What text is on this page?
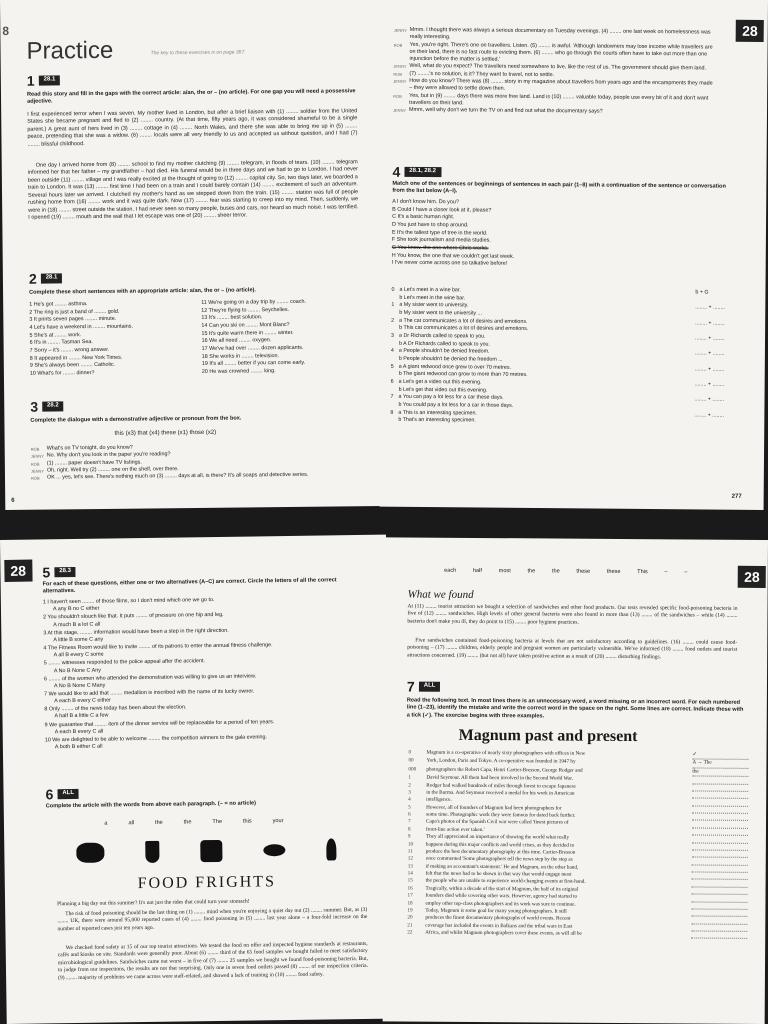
8
Practice	The key to these exercises is on page 367.
1	28.1
Read this story and fill in the gaps with the correct article: a/an, the or – (no article). For one gap you will need a possessive adjective.
I first experienced terror when I was seven. My mother lived in London, but after a brief liaison with (1) ........ soldier from the United States she became pregnant and fled to (2) ........ country. (At that time, fifty years ago, it was considered shameful to be a single parent.) A great aunt of hers lived in (3) ........ cottage in (4) ........ North Wales, and there she was able to bring me up in (5) ........ peace, pretending that she was a widow. (6) ........ locals were all very friendly to us and accepted us without question, and I had (7) ........ blissful childhood.
One day I arrived home from (8) ........ school to find my mother clutching (9) ........ telegram, in floods of tears. (10) ........ telegram informed her that her father – my grandfather – had died. His funeral would be in three days and we had to go to London. I had never been outside (11) ........ village and I was really excited at the thought of going to (12) ........ capital city. So, two days later, we boarded a train to London. It was (13) ........ first time I had been on a train and I could barely contain (14) ........ excitement of such an adventure. Several hours later we arrived. I clutched my mother's hand as we stepped down from the train. (15) ........ station was full of people rushing home from (16) ........ work and it was quite dark. Now (17) ........ fear was starting to creep into my mind. Then, suddenly, we were in (18) ........ street outside the station. I had never seen so many people, buses and cars, nor heard so much noise. I was terrified. I opened (19) ........ mouth and the wail that I let escape was one of (20) ........ sheer terror.
2	28.1
Complete these short sentences with an appropriate article: a/an, the or – (no article).
1 He's got ........ asthma.
2 The ring is just a band of ........ gold.
3 It prints seven pages ........ minute.
4 Let's have a weekend in ........ mountains.
5 She's at ........ work.
6 It's in ........ Tasman Sea.
7 Sorry – it's ........ wrong answer.
8 It appeared in ........ New York Times.
9 She's always been ........ Catholic.
10 What's for ........ dinner?
11 We're going on a day trip by ........ coach.
12 They're flying to ........ Seychelles.
13 It's ........ best solution.
14 Can you ski on ........ Mont Blanc?
15 It's quite warm there in ........ winter.
16 We all need ........ oxygen.
17 We've had over ........ dozen applicants.
18 She works in ........ television.
19 It's all ........ better if you can come early.
20 He was crowned ........ king.
3	28.2
Complete the dialogue with a demonstrative adjective or pronoun from the box.
this (x3) that (x4) these (x1) those (x2)
ROB	What's on TV tonight, do you know?
JENNY No. Why don't you look in the paper you're reading?
ROB	(1) ........ paper doesn't have TV listings.
JENNY Oh, right. Well try (2) ........ one on the shelf, over there.
ROB	OK ... yes, let's see. There's nothing much on (3) ........ days at all, is there? It's all soaps and detective series.
6
28
JENNY Mmm. I thought there was always a serious documentary on Tuesday evenings. (4) ........ one last week on homelessness was really interesting.
ROB	Yes, you're right. There's one on travellers. Listen. (5) ........ is awful. 'Although landowners may lose income while travellers are on their land, there is no fast route to evicting them. (6) ........ who go through the courts often have to take out more than one injunction before the matter is settled.'
JENNY Well, what do you expect? The travellers need somewhere to live, like the rest of us. The government should give them land.
ROB	(7) ........'s no solution, is it? They want to travel, not to settle.
JENNY How do you know? There was (8) ........ story in my magazine about travellers from years ago and the encampments they made – they were allowed to settle down then.
ROB	Yes, but in (9) ........ days there was more free land. Land is (10) ........ valuable today, people use every bit of it and don't want travellers on their land.
JENNY Mmm, well why don't we turn the TV on and find out what the documentary says?
4	28.1, 28.2
Match one of the sentences or beginnings of sentences in each pair (1–8) with a continuation of the sentence or conversation from the list below (A–I).
A I don't know him. Do you?
B Could I have a closer look at it, please?
C It's a basic human right.
D You just have to shop around.
E It's the tallest type of tree in the world.
F She took journalism and media studies.
G You know, the one where Chris works.
H You know, the one that we couldn't get last week.
I I've never come across one so talkative before!
0 a Let's meet in a wine bar.	b + G
b Let's meet in the wine bar.
1 a My sister went to university.	........ + ........
b My sister went to the university ...
2 a The cat communicates a lot of desires and emotions.	........ + ........
b This cat communicates a lot of desires and emotions.
3 a Dr Richards called to speak to you.	........ + ........
b A Dr Richards called to speak to you.
4 a People shouldn't be denied freedom.	........ + ........
b People shouldn't be denied the freedom ...
5 a A giant redwood once grew to over 70 metres.	........ + ........
b The giant redwood can grow to more than 70 metres.
6 a Let's get a video out this evening.	........ + ........
b Let's get that video out this evening.
7 a You can pay a lot less for a car these days.	........ + ........
b You could pay a lot less for a car in those days.
8 a This is an interesting specimen.	........ + ........
b That's an interesting specimen.
277
28	5	28.3
For each of these questions, either one or two alternatives (A–C) are correct. Circle the letters of all the correct alternatives.
1 I haven't seen ........ of those films, so I don't mind which one we go to.
A any B no C either
2 You shouldn't slouch like that. It puts ........ of pressure on one hip and leg.
A much B a lot C all
3 At this stage, ........ information would have been a step in the right direction.
A little B some C any
4 The Fitness Room would like to invite ........ of its patrons to enter the annual fitness challenge.
A all B every C some
5 ........ witnesses responded to the police appeal after the accident.
A No B None C Any
6 ........ of the women who attended the demonstration was willing to give us an interview.
A No B None C Many
7 We would like to add that ........ medallion is inscribed with the name of its lucky owner.
A each B every C either
8 Only ........ of the news today has been about the election.
A half B a little C a few
9 We guarantee that ........ item of the dinner service will be replaceable for a period of ten years.
A each B every C all
10 We are delighted to be able to welcome ........ the competition winners to the gala evening.
A both B either C all
6	ALL
Complete the article with the words from above each paragraph. (– = no article)
a	all	the	the	The	this	your
FOOD FRIGHTS
Planning a big day out this summer? It's not just the rides that could turn your stomach!
The risk of food poisoning should be the last thing on (1) ........ mind when you're enjoying a quiet day out (2) ........ summer. But, as (3) ........ UK, there were around 95,000 reported cases of (4) ........ food poisoning in (5) ........ last year alone – a four-fold increase on the number of reported cases just ten years ago.
We checked food safety at 15 of our top tourist attractions. We tested the food on offer and inspected hygiene standards at restaurants, cafés and kiosks on site. Standards were generally poor. About (6) ........ third of the 65 food samples we bought failed to meet satisfactory microbiological guidelines. Sandwiches came out worst – in five of (7) ........ 25 samples we bought we found food-poisoning bacteria. But, to judge from our inspections, the results are not that surprising. Only one in seven food outlets passed (8) ........ of our inspection criteria. (9) ........ majority of problems we came across were staff-related, and showed a lack of training in (10) ........ food safety.
28
each	half	most	the	the	these	these	This	–	–
What we found
At (11) ........ tourist attraction we bought a selection of sandwiches and other food products. Our tests revealed specific food-poisoning bacteria in five of (12) ........ sandwiches. High levels of other general bacteria were also found in more than (13) ........ of the sandwiches – while (14) ........ bacteria don't make you ill, they do point to (15) ........ poor hygiene practices.
Five sandwiches contained food-poisoning bacteria at levels that are not satisfactory according to guidelines. (16) ........ could cause food-poisoning – (17) ........ children, elderly people and pregnant women are particularly vulnerable. We've informed (18) ........ food outlets and tourist attractions concerned. (19) ........ (but not all) have taken positive action as a result of (20) ........ disturbing findings.
7	ALL
Read the following text. In most lines there is an unnecessary word, a word missing or an incorrect word. For each numbered line (1–23), identify the mistake and write the correct word in the space on the right. Some lines are correct. Indicate these with a tick (✓). The exercise begins with three examples.
Magnum past and present
0	Magnum is a co-operative of nearly sixty photographers with offices in New	✓
00	York, London, Paris and Tokyo. A co-operative was founded in 1947 by	A → The
000	photographers the Robert Capa, Henri Cartier-Bresson, George Rodger and	the
1	David Seymour. All them had been involved in the Second World War.
2	Rodger had walked hundreds of miles through forest to escape Japanese
3	in the Burma. And Seymour received a medal for his work in American
4	intelligence.
5	However, all of founders of Magnum had been photographers for
6	some time. Photographic work they were famous for dated back further.
7	Capa's photos of the Spanish Civil war were called 'finest pictures of
8	front-line action ever taken.'
9	They all appreciated an importance of showing the world what really
10	happens during this major conflicts and world crises, as they decided to
11	produce the best documentary photography at this time. Cartier-Bresson
12	once commented 'Some photographers tell the news step by the step as
13	if making an accountant's statement.' He and Magnum, on the other hand,
14	felt that the news had to be shown in that way that would engage most
15	the people who are unable to experience world-changing events at first-hand.
16	Tragically, within a decade of the start of Magnum, the half of its original
17	founders died while covering other wars. However, agency had started to
18	employ other top-class photographers and its work was sure to continue.
19	Today, Magnum is some goal for many young photographers. It still
20	produces the finest documentary photographs of world events. Recent
21	coverage has included the events in Balkans and the tribal wars in East
22	Africa, and whilst Magnum photographers cover these events, as will all be
